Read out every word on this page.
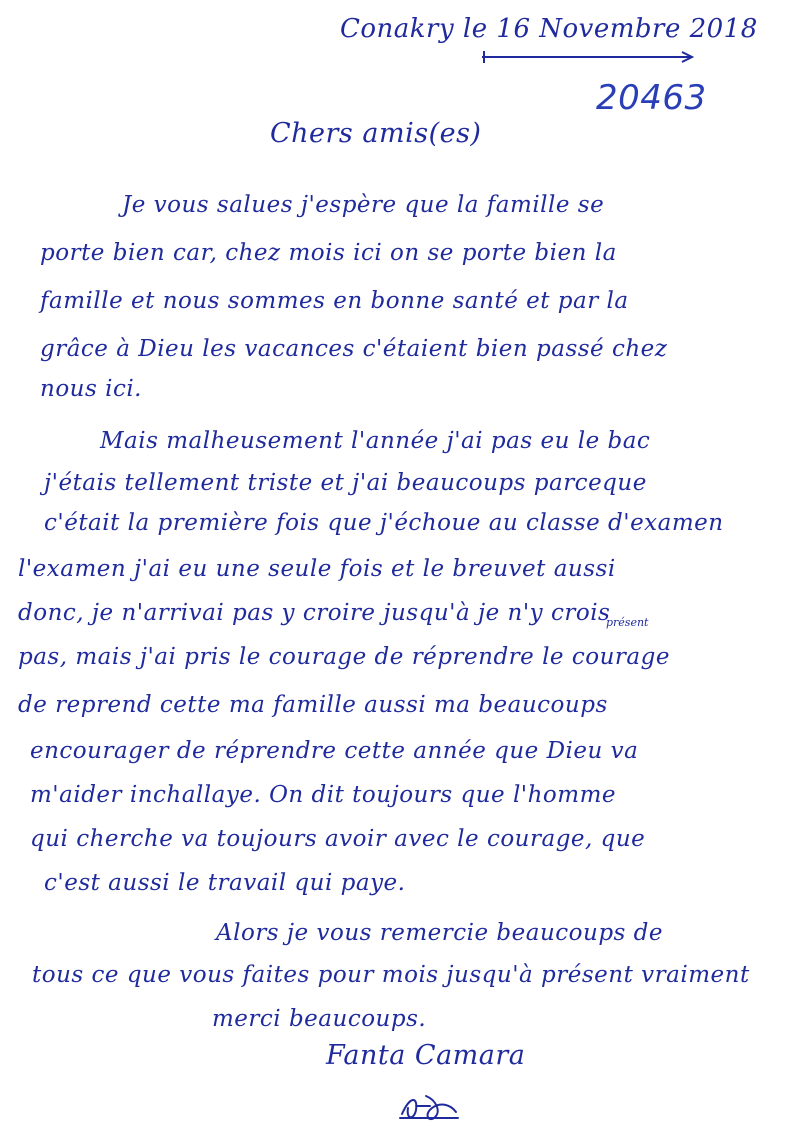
Conakry le 16 Novembre 2018
20463
Chers amis(es)
Je vous salues j'espère que la famille se
porte bien car, chez mois ici on se porte bien la
famille et nous sommes en bonne santé et par la
grâce à Dieu les vacances c'étaient bien passé chez
nous ici.
Mais malheusement l'année j'ai pas eu le bac
j'étais tellement triste et j'ai beaucoups parceque
c'était la première fois que j'échoue au classe d'examen
l'examen j'ai eu une seule fois et le breuvet aussi
présent
donc, je n'arrivai pas y croire jusqu'à je n'y crois
pas, mais j'ai pris le courage de réprendre le courage
de reprend cette ma famille aussi ma beaucoups
encourager de réprendre cette année que Dieu va
m'aider inchallaye. On dit toujours que l'homme
qui cherche va toujours avoir avec le courage, que
c'est aussi le travail qui paye.
Alors je vous remercie beaucoups de
tous ce que vous faites pour mois jusqu'à présent vraiment
merci beaucoups.
Fanta Camara
